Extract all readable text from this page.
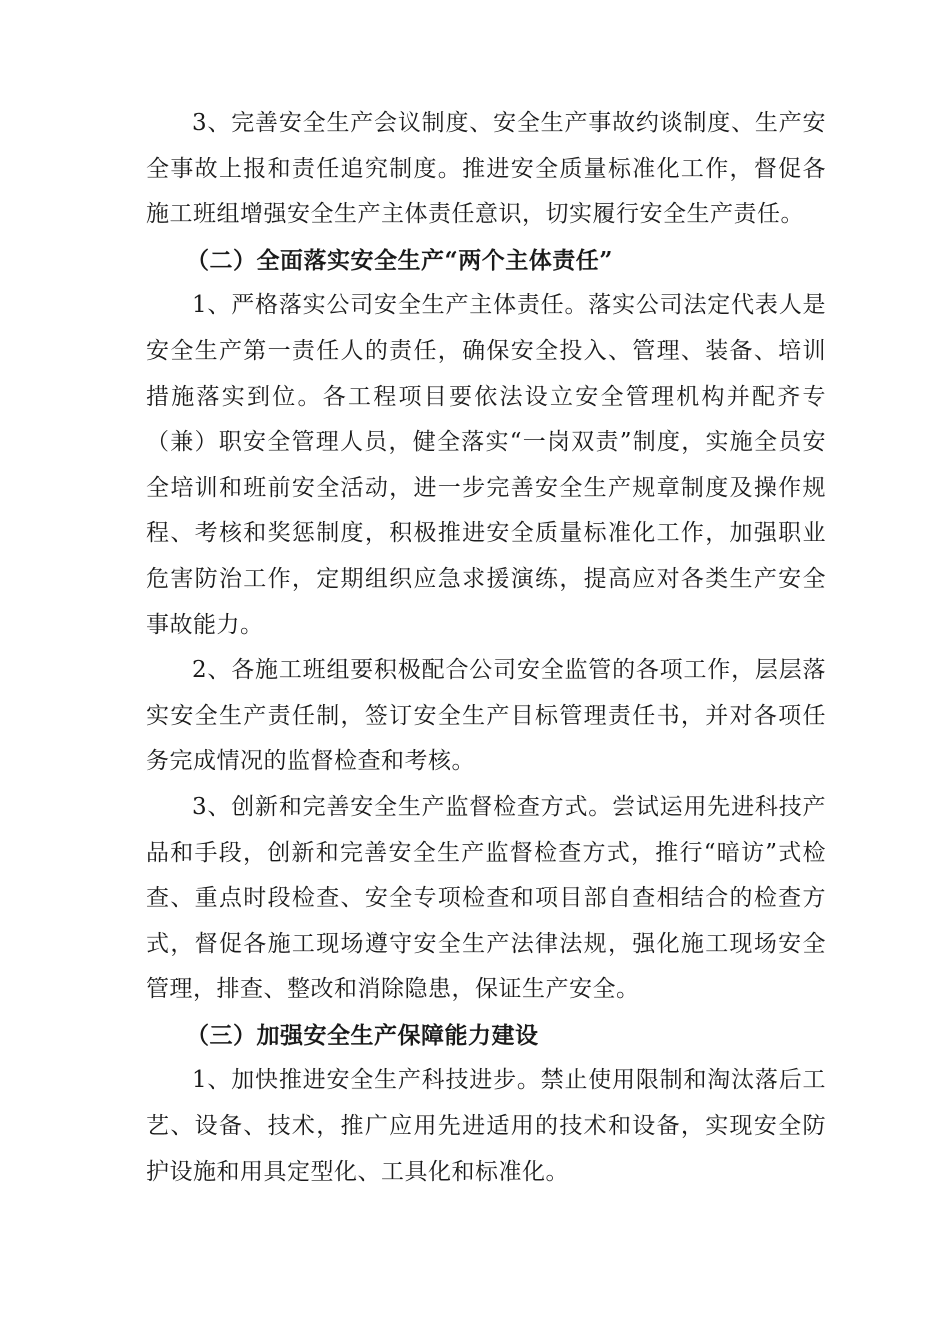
3、完善安全生产会议制度、安全生产事故约谈制度、生产安全事故上报和责任追究制度。推进安全质量标准化工作，督促各施工班组增强安全生产主体责任意识，切实履行安全生产责任。

（二）全面落实安全生产“两个主体责任”

1、严格落实公司安全生产主体责任。落实公司法定代表人是安全生产第一责任人的责任，确保安全投入、管理、装备、培训措施落实到位。各工程项目要依法设立安全管理机构并配齐专（兼）职安全管理人员，健全落实“一岗双责”制度，实施全员安全培训和班前安全活动，进一步完善安全生产规章制度及操作规程、考核和奖惩制度，积极推进安全质量标准化工作，加强职业危害防治工作，定期组织应急求援演练，提高应对各类生产安全事故能力。

2、各施工班组要积极配合公司安全监管的各项工作，层层落实安全生产责任制，签订安全生产目标管理责任书，并对各项任务完成情况的监督检查和考核。

3、创新和完善安全生产监督检查方式。尝试运用先进科技产品和手段，创新和完善安全生产监督检查方式，推行“暗访”式检查、重点时段检查、安全专项检查和项目部自查相结合的检查方式，督促各施工现场遵守安全生产法律法规，强化施工现场安全管理，排查、整改和消除隐患，保证生产安全。

（三）加强安全生产保障能力建设

1、加快推进安全生产科技进步。禁止使用限制和淘汰落后工艺、设备、技术，推广应用先进适用的技术和设备，实现安全防护设施和用具定型化、工具化和标准化。
